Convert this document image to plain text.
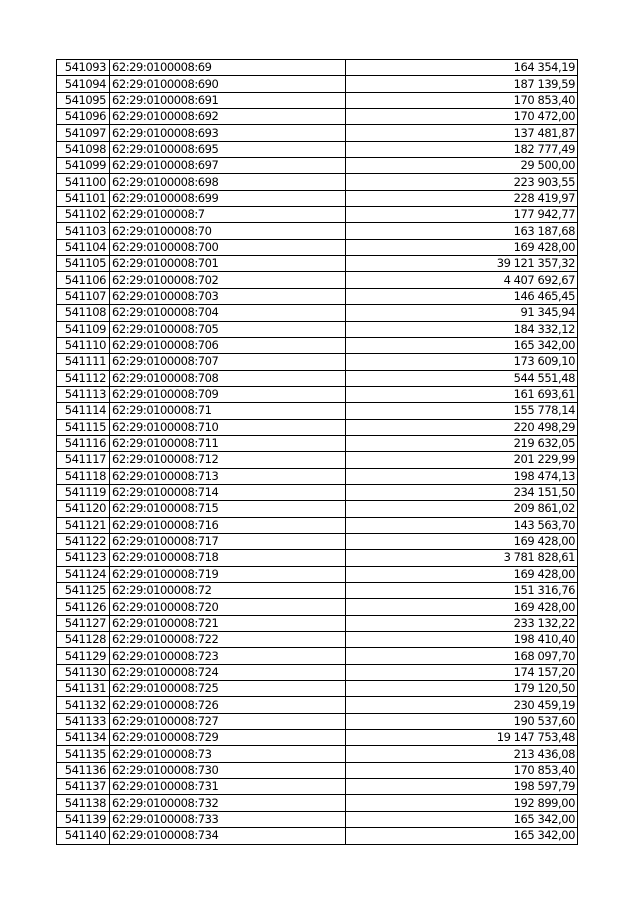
541093	62:29:0100008:69	164 354,19
541094	62:29:0100008:690	187 139,59
541095	62:29:0100008:691	170 853,40
541096	62:29:0100008:692	170 472,00
541097	62:29:0100008:693	137 481,87
541098	62:29:0100008:695	182 777,49
541099	62:29:0100008:697	29 500,00
541100	62:29:0100008:698	223 903,55
541101	62:29:0100008:699	228 419,97
541102	62:29:0100008:7	177 942,77
541103	62:29:0100008:70	163 187,68
541104	62:29:0100008:700	169 428,00
541105	62:29:0100008:701	39 121 357,32
541106	62:29:0100008:702	4 407 692,67
541107	62:29:0100008:703	146 465,45
541108	62:29:0100008:704	91 345,94
541109	62:29:0100008:705	184 332,12
541110	62:29:0100008:706	165 342,00
541111	62:29:0100008:707	173 609,10
541112	62:29:0100008:708	544 551,48
541113	62:29:0100008:709	161 693,61
541114	62:29:0100008:71	155 778,14
541115	62:29:0100008:710	220 498,29
541116	62:29:0100008:711	219 632,05
541117	62:29:0100008:712	201 229,99
541118	62:29:0100008:713	198 474,13
541119	62:29:0100008:714	234 151,50
541120	62:29:0100008:715	209 861,02
541121	62:29:0100008:716	143 563,70
541122	62:29:0100008:717	169 428,00
541123	62:29:0100008:718	3 781 828,61
541124	62:29:0100008:719	169 428,00
541125	62:29:0100008:72	151 316,76
541126	62:29:0100008:720	169 428,00
541127	62:29:0100008:721	233 132,22
541128	62:29:0100008:722	198 410,40
541129	62:29:0100008:723	168 097,70
541130	62:29:0100008:724	174 157,20
541131	62:29:0100008:725	179 120,50
541132	62:29:0100008:726	230 459,19
541133	62:29:0100008:727	190 537,60
541134	62:29:0100008:729	19 147 753,48
541135	62:29:0100008:73	213 436,08
541136	62:29:0100008:730	170 853,40
541137	62:29:0100008:731	198 597,79
541138	62:29:0100008:732	192 899,00
541139	62:29:0100008:733	165 342,00
541140	62:29:0100008:734	165 342,00
